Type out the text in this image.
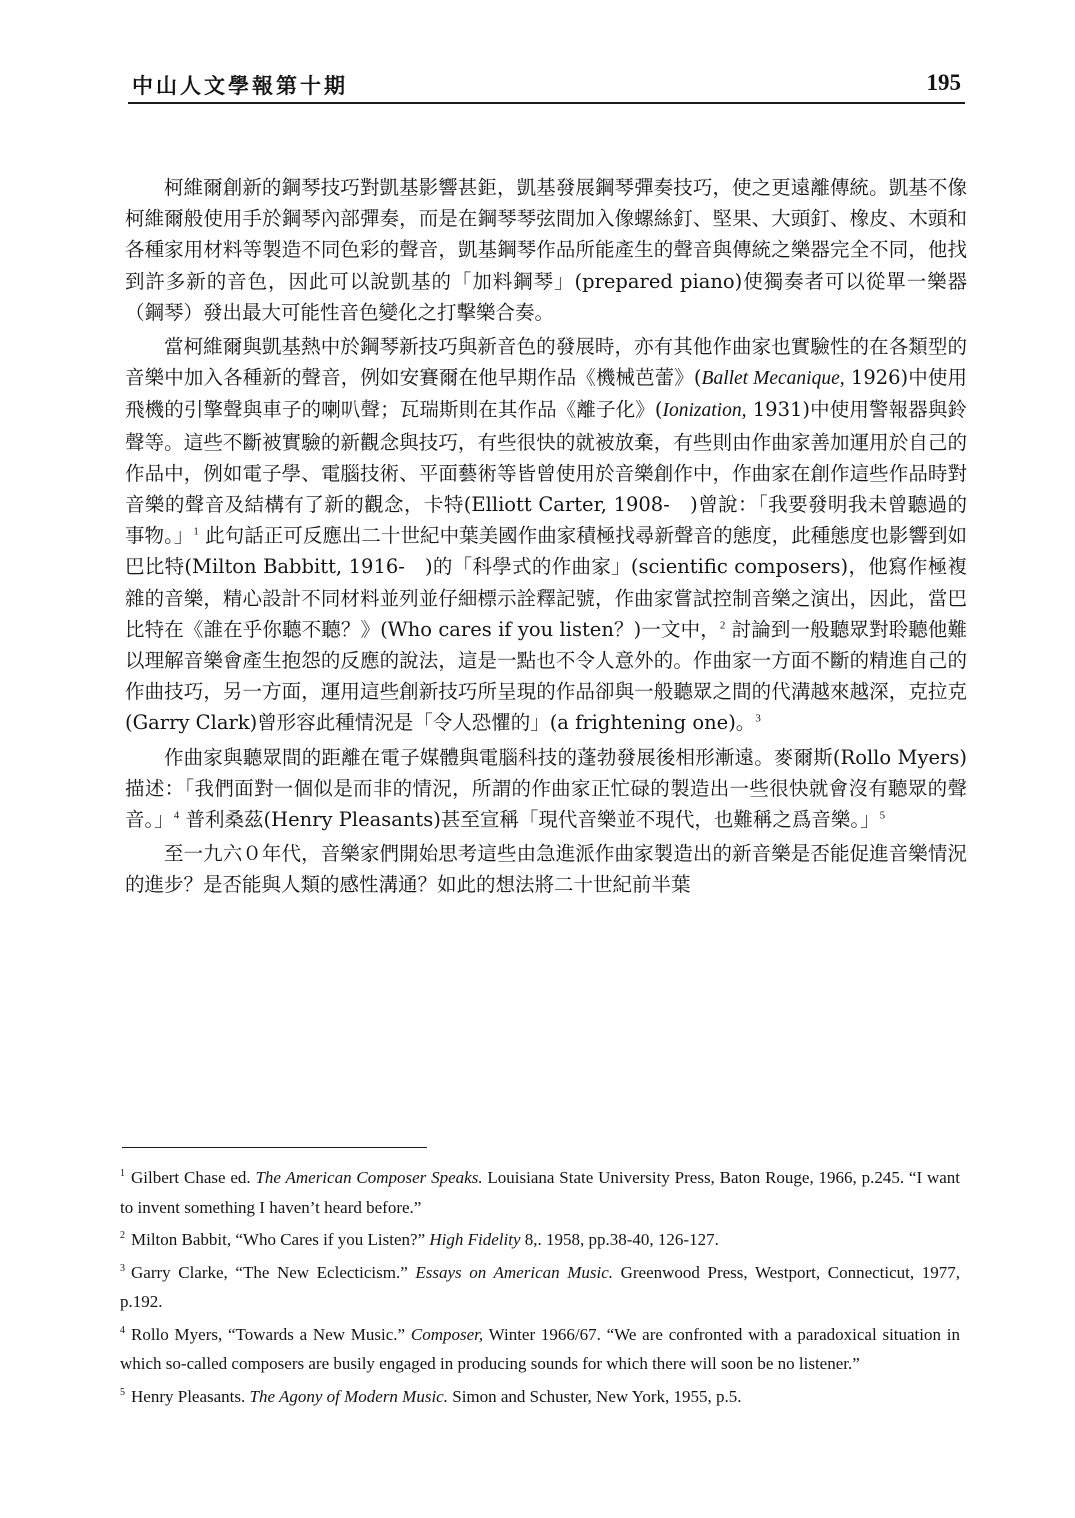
中山人文學報第十期	195

柯維爾創新的鋼琴技巧對凱基影響甚鉅，凱基發展鋼琴彈奏技巧，使之更遠離傳統。凱基不像柯維爾般使用手於鋼琴內部彈奏，而是在鋼琴琴弦間加入像螺絲釘、堅果、大頭釘、橡皮、木頭和各種家用材料等製造不同色彩的聲音，凱基鋼琴作品所能產生的聲音與傳統之樂器完全不同，他找到許多新的音色，因此可以說凱基的「加料鋼琴」(prepared piano)使獨奏者可以從單一樂器（鋼琴）發出最大可能性音色變化之打擊樂合奏。

當柯維爾與凱基熱中於鋼琴新技巧與新音色的發展時，亦有其他作曲家也實驗性的在各類型的音樂中加入各種新的聲音，例如安賽爾在他早期作品《機械芭蕾》(Ballet Mecanique, 1926)中使用飛機的引擎聲與車子的喇叭聲；瓦瑞斯則在其作品《離子化》(Ionization, 1931)中使用警報器與鈴聲等。這些不斷被實驗的新觀念與技巧，有些很快的就被放棄，有些則由作曲家善加運用於自己的作品中，例如電子學、電腦技術、平面藝術等皆曾使用於音樂創作中，作曲家在創作這些作品時對音樂的聲音及結構有了新的觀念，卡特(Elliott Carter, 1908-　)曾說：「我要發明我未曾聽過的事物。」$^1$ 此句話正可反應出二十世紀中葉美國作曲家積極找尋新聲音的態度，此種態度也影響到如巴比特(Milton Babbitt, 1916-　)的「科學式的作曲家」(scientific composers)，他寫作極複雜的音樂，精心設計不同材料並列並仔細標示詮釋記號，作曲家嘗試控制音樂之演出，因此，當巴比特在《誰在乎你聽不聽？》(Who cares if you listen？)一文中，$^2$ 討論到一般聽眾對聆聽他難以理解音樂會產生抱怨的反應的說法，這是一點也不令人意外的。作曲家一方面不斷的精進自己的作曲技巧，另一方面，運用這些創新技巧所呈現的作品卻與一般聽眾之間的代溝越來越深，克拉克(Garry Clark)曾形容此種情況是「令人恐懼的」(a frightening one)。$^3$

作曲家與聽眾間的距離在電子媒體與電腦科技的蓬勃發展後相形漸遠。麥爾斯(Rollo Myers)描述：「我們面對一個似是而非的情況，所謂的作曲家正忙碌的製造出一些很快就會沒有聽眾的聲音。」$^4$ 普利桑茲(Henry Pleasants)甚至宣稱「現代音樂並不現代，也難稱之爲音樂。」$^5$

至一九六０年代，音樂家們開始思考這些由急進派作曲家製造出的新音樂是否能促進音樂情況的進步？是否能與人類的感性溝通？如此的想法將二十世紀前半葉

$^1$ Gilbert Chase ed. The American Composer Speaks. Louisiana State University Press, Baton Rouge, 1966, p.245. “I want to invent something I haven’t heard before.”
$^2$ Milton Babbit, “Who Cares if you Listen?” High Fidelity 8,. 1958, pp.38-40, 126-127.
$^3$ Garry Clarke, “The New Eclecticism.” Essays on American Music. Greenwood Press, Westport, Connecticut, 1977, p.192.
$^4$ Rollo Myers, “Towards a New Music.” Composer, Winter 1966/67. “We are confronted with a paradoxical situation in which so-called composers are busily engaged in producing sounds for which there will soon be no listener.”
$^5$ Henry Pleasants. The Agony of Modern Music. Simon and Schuster, New York, 1955, p.5.
